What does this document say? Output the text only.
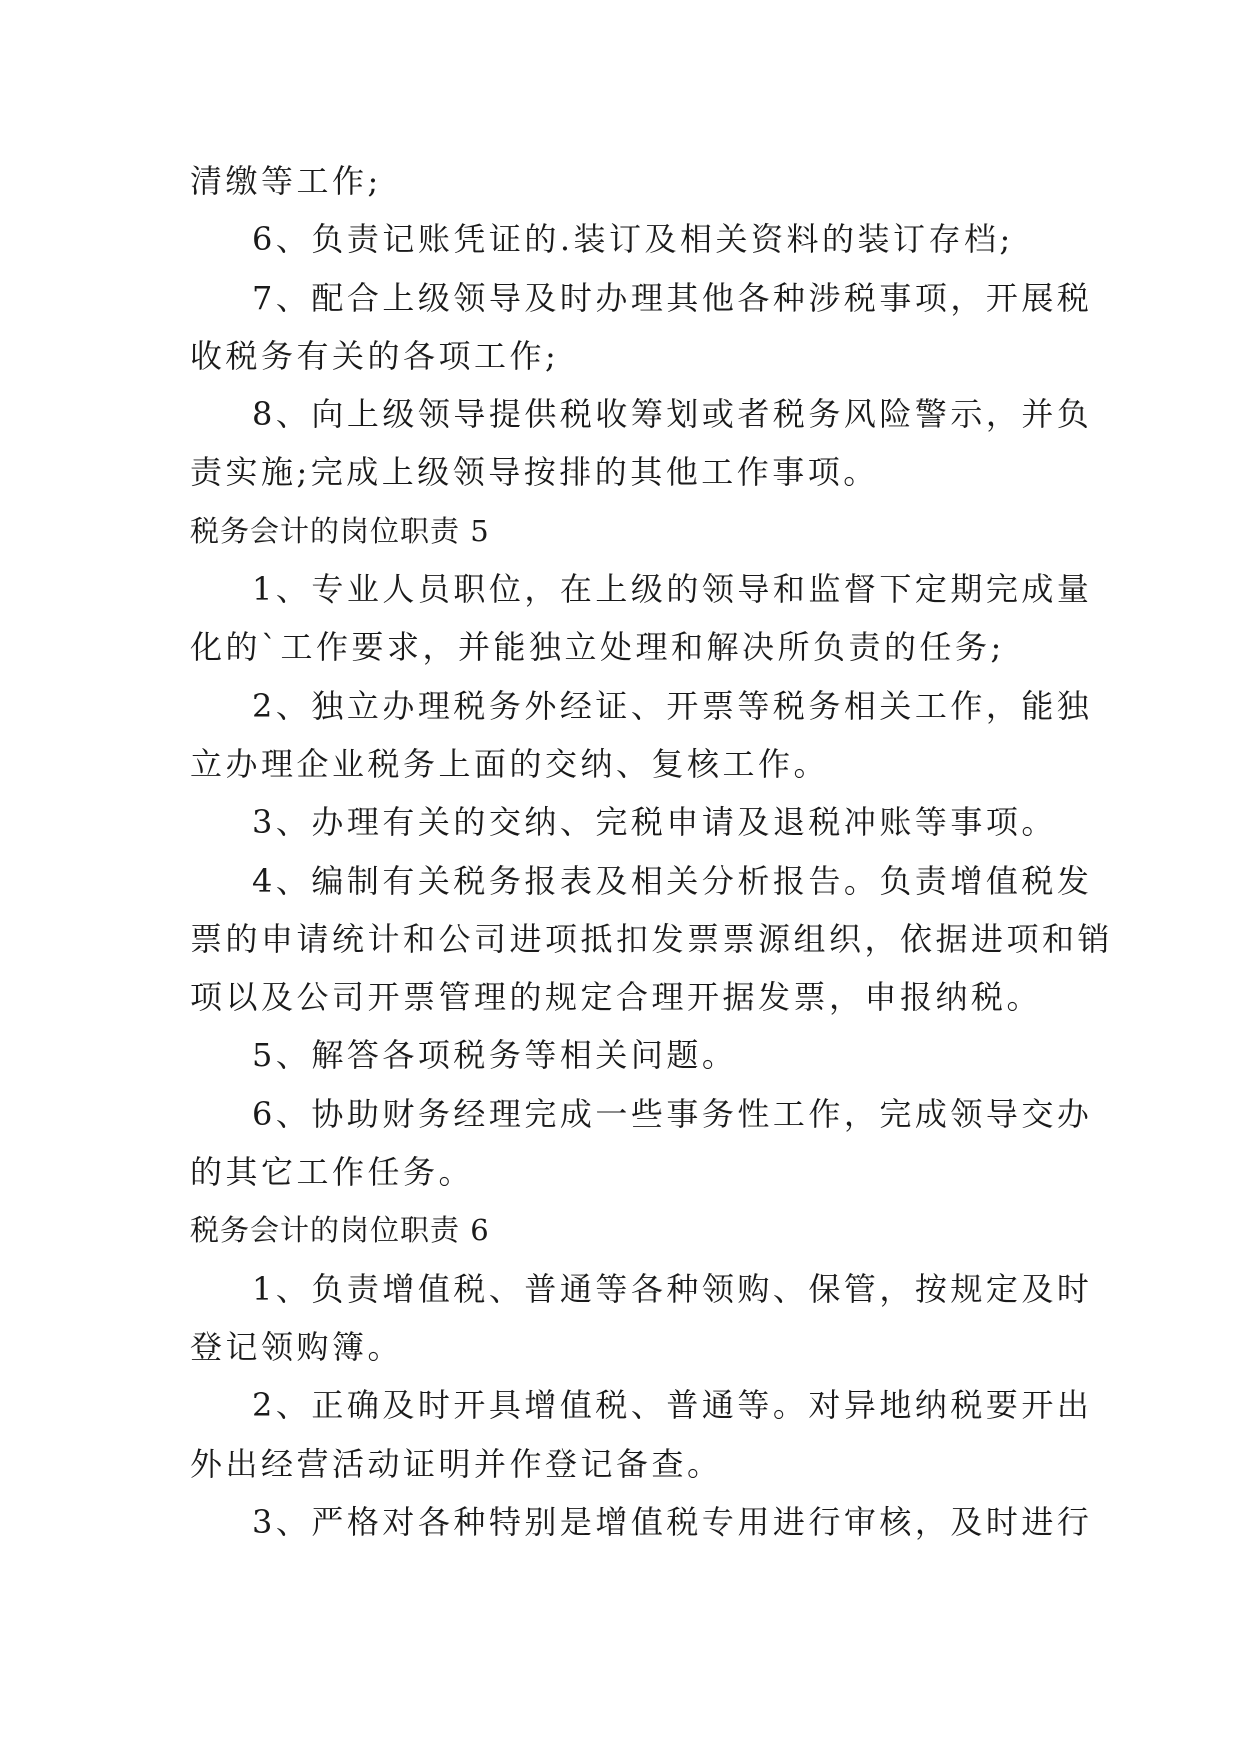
清缴等工作;
6、负责记账凭证的.装订及相关资料的装订存档;
7、配合上级领导及时办理其他各种涉税事项，开展税
收税务有关的各项工作;
8、向上级领导提供税收筹划或者税务风险警示，并负
责实施;完成上级领导按排的其他工作事项。
税务会计的岗位职责 5
1、专业人员职位，在上级的领导和监督下定期完成量
化的`工作要求，并能独立处理和解决所负责的任务;
2、独立办理税务外经证、开票等税务相关工作，能独
立办理企业税务上面的交纳、复核工作。
3、办理有关的交纳、完税申请及退税冲账等事项。
4、编制有关税务报表及相关分析报告。负责增值税发
票的申请统计和公司进项抵扣发票票源组织，依据进项和销
项以及公司开票管理的规定合理开据发票，申报纳税。
5、解答各项税务等相关问题。
6、协助财务经理完成一些事务性工作，完成领导交办
的其它工作任务。
税务会计的岗位职责 6
1、负责增值税、普通等各种领购、保管，按规定及时
登记领购簿。
2、正确及时开具增值税、普通等。对异地纳税要开出
外出经营活动证明并作登记备查。
3、严格对各种特别是增值税专用进行审核，及时进行
